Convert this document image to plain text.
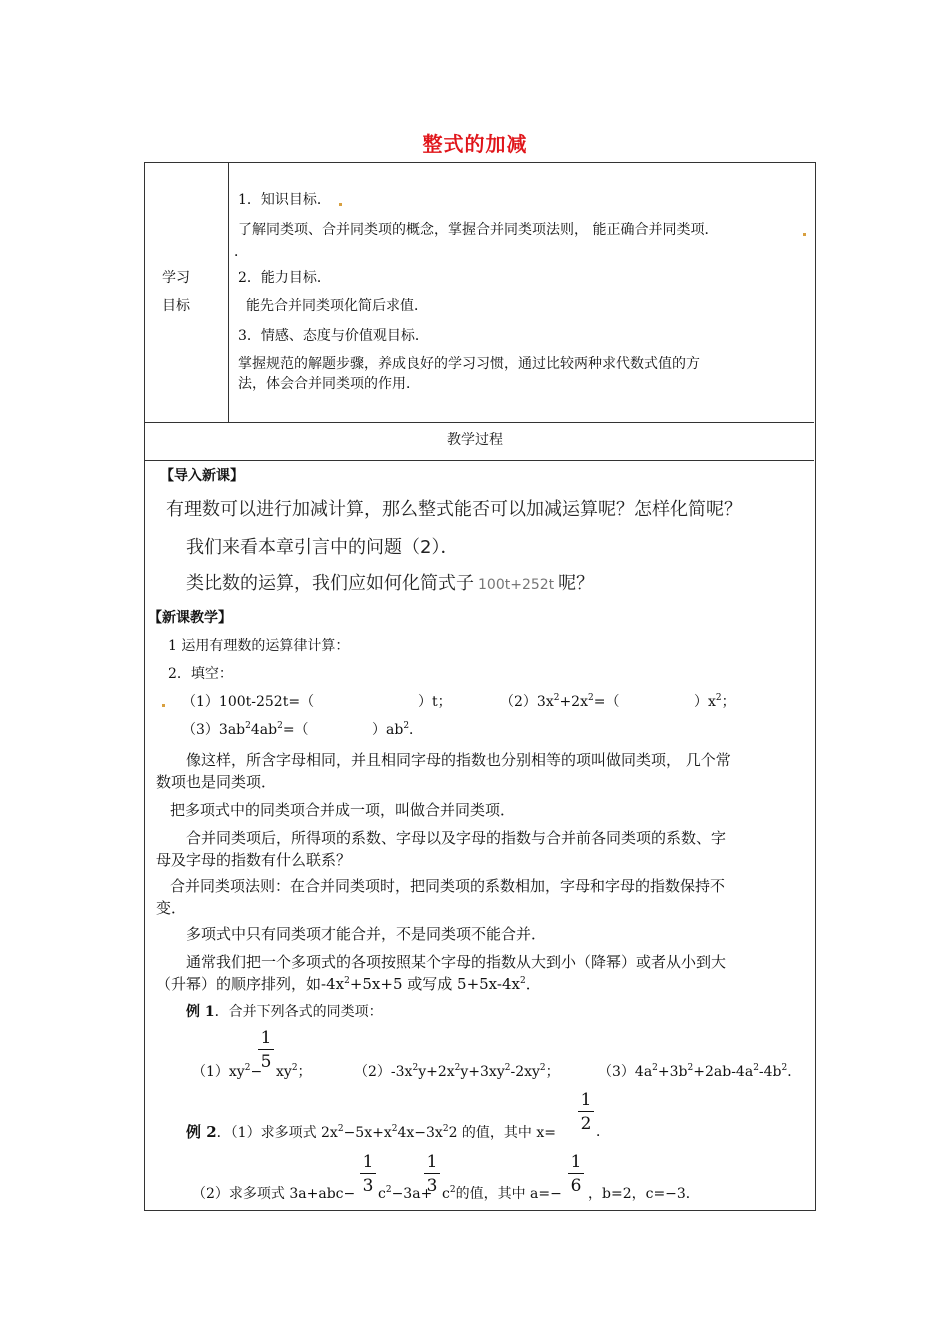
整式的加减
学习
目标
1．知识目标．
了解同类项、合并同类项的概念，掌握合并同类项法则， 能正确合并同类项．
．
2．能力目标．
能先合并同类项化简后求值．
3．情感、态度与价值观目标．
掌握规范的解题步骤，养成良好的学习习惯，通过比较两种求代数式值的方
法，体会合并同类项的作用．
教学过程
【导入新课】
有理数可以进行加减计算，那么整式能否可以加减运算呢？怎样化简呢？
我们来看本章引言中的问题（2）．
类比数的运算，我们应如何化简式子 100t+252t 呢？
【新课教学】
1 运用有理数的运算律计算：
2．填空：
（1）100t-252t=（	）t；	$(2)3x^2+2x^2=$（	）$x^2$；
$(3)3ab^24ab^2=$（	）$ab^2$．
像这样，所含字母相同，并且相同字母的指数也分别相等的项叫做同类项， 几个常
数项也是同类项．
把多项式中的同类项合并成一项，叫做合并同类项．
合并同类项后，所得项的系数、字母以及字母的指数与合并前各同类项的系数、字
母及字母的指数有什么联系？
合并同类项法则：在合并同类项时，把同类项的系数相加，字母和字母的指数保持不
变．
多项式中只有同类项才能合并，不是同类项不能合并．
通常我们把一个多项式的各项按照某个字母的指数从大到小（降幂）或者从小到大
（升幂）的顺序排列，如$-4x^2+5x+5$ 或写成 $5+5x-4x^2$．
例 1．合并下列各式的同类项：
1
5
$(1)xy^2- xy^2$；	$(2)-3x^2y+2x^2y+3xy^2-2xy^2$；	$(3)4a^2+3b^2+2ab-4a^2-4b^2$．
1
2
例 2．（1）求多项式 $2x^2-5x+x^24x-3x^22$ 的值，其中 x=	．
1
3
1
3
1
6
（2）求多项式 $3a+abc- c^2-3a+ c^2$的值，其中 a=− ，b=2，c=−3．
